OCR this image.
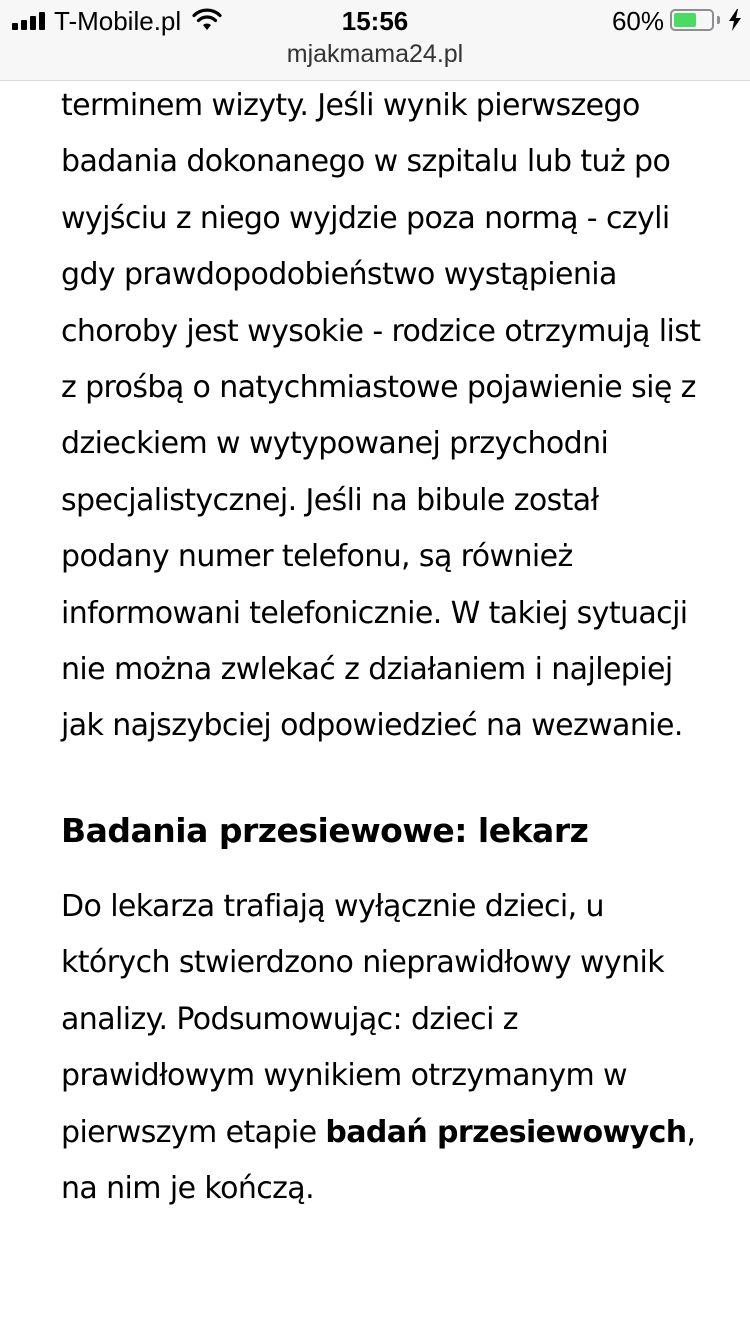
T-Mobile.pl	15:56	60%
mjakmama24.pl

terminem wizyty. Jeśli wynik pierwszego badania dokonanego w szpitalu lub tuż po wyjściu z niego wyjdzie poza normą - czyli gdy prawdopodobieństwo wystąpienia choroby jest wysokie - rodzice otrzymują list z prośbą o natychmiastowe pojawienie się z dzieckiem w wytypowanej przychodni specjalistycznej. Jeśli na bibule został podany numer telefonu, są również informowani telefonicznie. W takiej sytuacji nie można zwlekać z działaniem i najlepiej jak najszybciej odpowiedzieć na wezwanie.

Badania przesiewowe: lekarz

Do lekarza trafiają wyłącznie dzieci, u których stwierdzono nieprawidłowy wynik analizy. Podsumowując: dzieci z prawidłowym wynikiem otrzymanym w pierwszym etapie badań przesiewowych, na nim je kończą.
